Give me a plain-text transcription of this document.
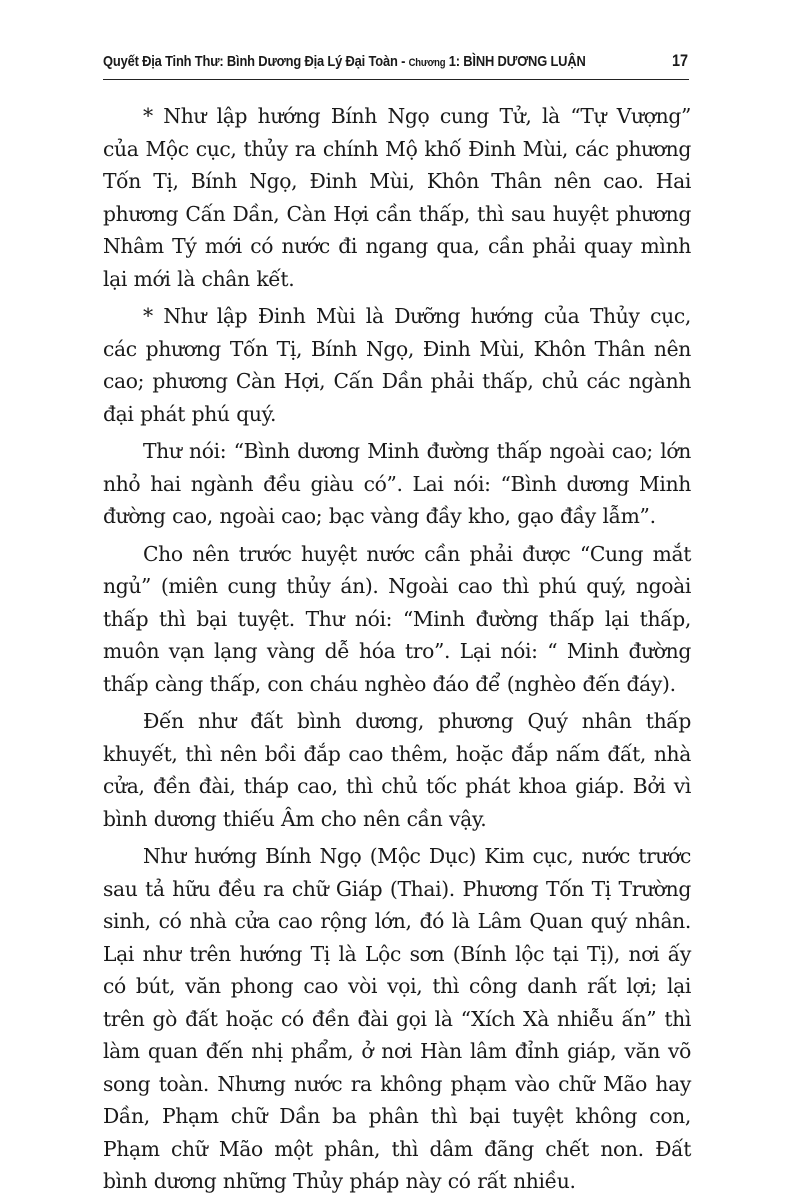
Quyết Địa Tinh Thư: Bình Dương Địa Lý Đại Toàn - Chương 1: BÌNH DƯƠNG LUẬN	17

* Như lập hướng Bính Ngọ cung Tử, là “Tự Vượng” của Mộc cục, thủy ra chính Mộ khố Đinh Mùi, các phương Tốn Tị, Bính Ngọ, Đinh Mùi, Khôn Thân nên cao. Hai phương Cấn Dần, Càn Hợi cần thấp, thì sau huyệt phương Nhâm Tý mới có nước đi ngang qua, cần phải quay mình lại mới là chân kết.

* Như lập Đinh Mùi là Dưỡng hướng của Thủy cục, các phương Tốn Tị, Bính Ngọ, Đinh Mùi, Khôn Thân nên cao; phương Càn Hợi, Cấn Dần phải thấp, chủ các ngành đại phát phú quý.

Thư nói: “Bình dương Minh đường thấp ngoài cao; lớn nhỏ hai ngành đều giàu có”. Lai nói: “Bình dương Minh đường cao, ngoài cao; bạc vàng đầy kho, gạo đầy lẫm”.

Cho nên trước huyệt nước cần phải được “Cung mắt ngủ” (miên cung thủy án). Ngoài cao thì phú quý, ngoài thấp thì bại tuyệt. Thư nói: “Minh đường thấp lại thấp, muôn vạn lạng vàng dễ hóa tro”. Lại nói: “ Minh đường thấp càng thấp, con cháu nghèo đáo để (nghèo đến đáy).

Đến như đất bình dương, phương Quý nhân thấp khuyết, thì nên bồi đắp cao thêm, hoặc đắp nấm đất, nhà cửa, đền đài, tháp cao, thì chủ tốc phát khoa giáp. Bởi vì bình dương thiếu Âm cho nên cần vậy.

Như hướng Bính Ngọ (Mộc Dục) Kim cục, nước trước sau tả hữu đều ra chữ Giáp (Thai). Phương Tốn Tị Trường sinh, có nhà cửa cao rộng lớn, đó là Lâm Quan quý nhân. Lại như trên hướng Tị là Lộc sơn (Bính lộc tại Tị), nơi ấy có bút, văn phong cao vòi vọi, thì công danh rất lợi; lại trên gò đất hoặc có đền đài gọi là “Xích Xà nhiễu ấn” thì làm quan đến nhị phẩm, ở nơi Hàn lâm đỉnh giáp, văn võ song toàn. Nhưng nước ra không phạm vào chữ Mão hay Dần, Phạm chữ Dần ba phân thì bại tuyệt không con, Phạm chữ Mão một phân, thì dâm đãng chết non. Đất bình dương những Thủy pháp này có rất nhiều.
